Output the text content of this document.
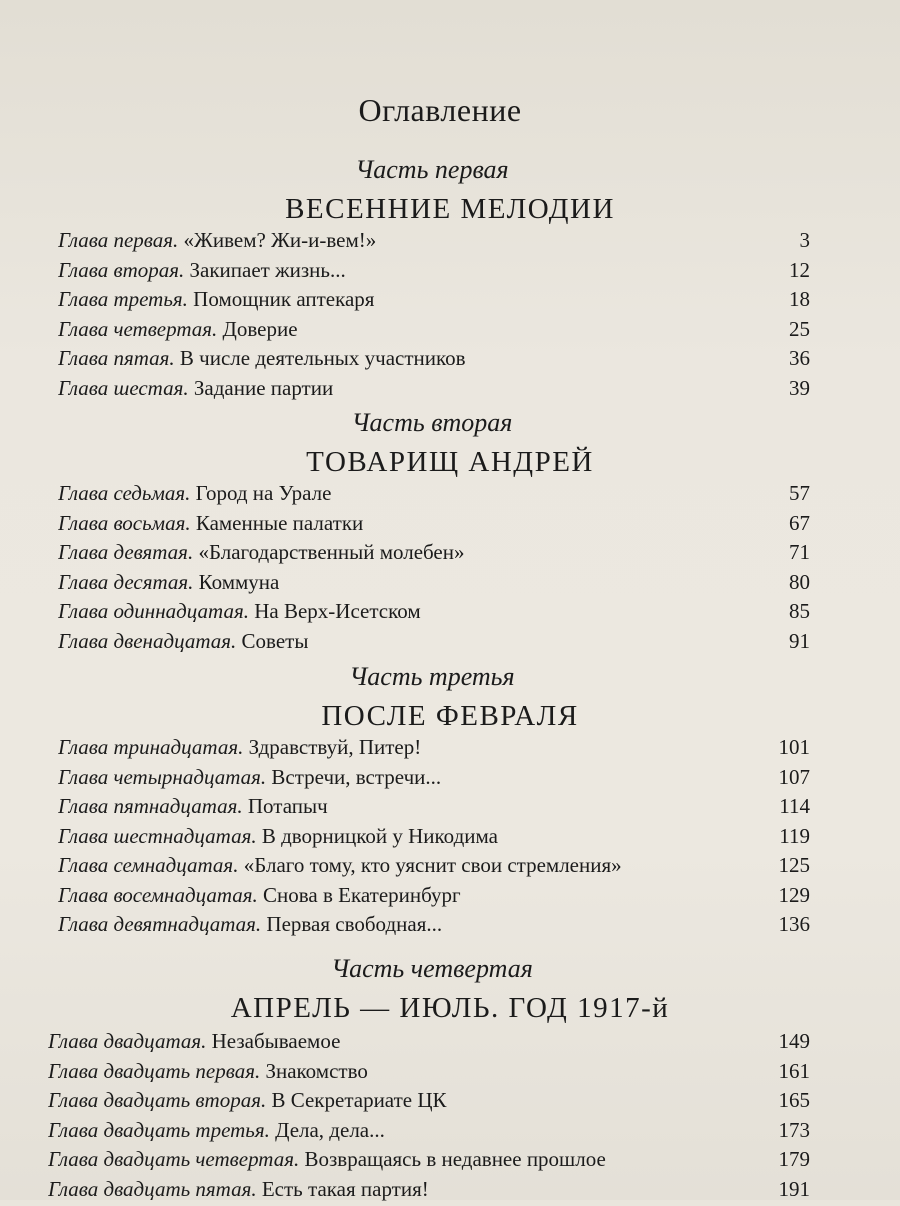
Оглавление
Часть первая
ВЕСЕННИЕ МЕЛОДИИ
Глава первая. «Живем? Жи-и-вем!»	3
Глава вторая. Закипает жизнь...	12
Глава третья. Помощник аптекаря	18
Глава четвертая. Доверие	25
Глава пятая. В числе деятельных участников	36
Глава шестая. Задание партии	39
Часть вторая
ТОВАРИЩ АНДРЕЙ
Глава седьмая. Город на Урале	57
Глава восьмая. Каменные палатки	67
Глава девятая. «Благодарственный молебен»	71
Глава десятая. Коммуна	80
Глава одиннадцатая. На Верх-Исетском	85
Глава двенадцатая. Советы	91
Часть третья
ПОСЛЕ ФЕВРАЛЯ
Глава тринадцатая. Здравствуй, Питер!	101
Глава четырнадцатая. Встречи, встречи...	107
Глава пятнадцатая. Потапыч	114
Глава шестнадцатая. В дворницкой у Никодима	119
Глава семнадцатая. «Благо тому, кто уяснит свои стремления»	125
Глава восемнадцатая. Снова в Екатеринбург	129
Глава девятнадцатая. Первая свободная...	136
Часть четвертая
АПРЕЛЬ — ИЮЛЬ. ГОД 1917-й
Глава двадцатая. Незабываемое	149
Глава двадцать первая. Знакомство	161
Глава двадцать вторая. В Секретариате ЦК	165
Глава двадцать третья. Дела, дела...	173
Глава двадцать четвертая. Возвращаясь в недавнее прошлое	179
Глава двадцать пятая. Есть такая партия!	191
